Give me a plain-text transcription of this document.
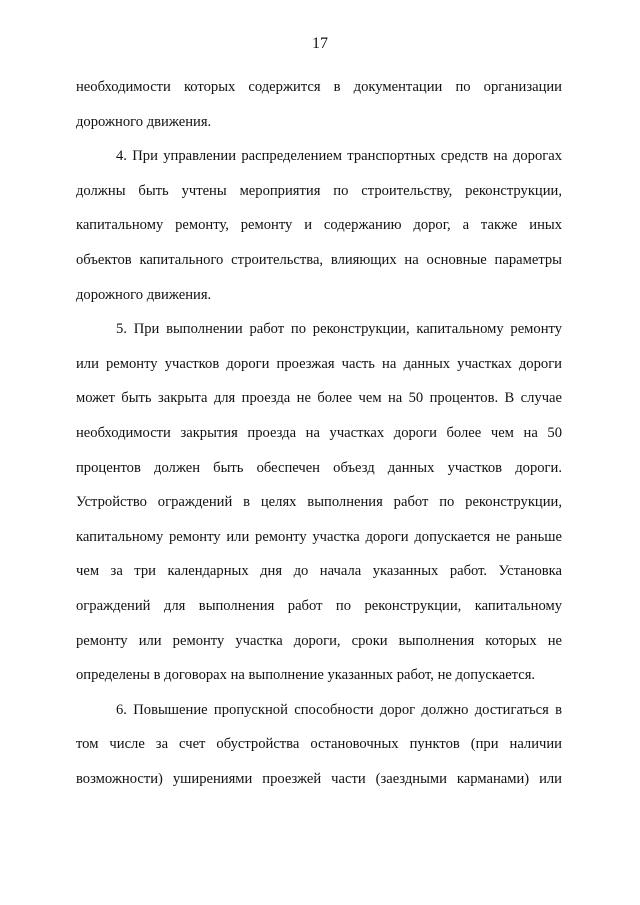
17
необходимости которых содержится в документации по организации
дорожного движения.
4. При управлении распределением транспортных средств на дорогах
должны быть учтены мероприятия по строительству, реконструкции,
капитальному ремонту, ремонту и содержанию дорог, а также иных
объектов капитального строительства, влияющих на основные параметры
дорожного движения.
5. При выполнении работ по реконструкции, капитальному ремонту
или ремонту участков дороги проезжая часть на данных участках дороги
может быть закрыта для проезда не более чем на 50 процентов. В случае
необходимости закрытия проезда на участках дороги более чем на 50
процентов должен быть обеспечен объезд данных участков дороги.
Устройство ограждений в целях выполнения работ по реконструкции,
капитальному ремонту или ремонту участка дороги допускается не раньше
чем за три календарных дня до начала указанных работ. Установка
ограждений для выполнения работ по реконструкции, капитальному
ремонту или ремонту участка дороги, сроки выполнения которых не
определены в договорах на выполнение указанных работ, не допускается.
6. Повышение пропускной способности дорог должно достигаться в
том числе за счет обустройства остановочных пунктов (при наличии
возможности) уширениями проезжей части (заездными карманами) или
